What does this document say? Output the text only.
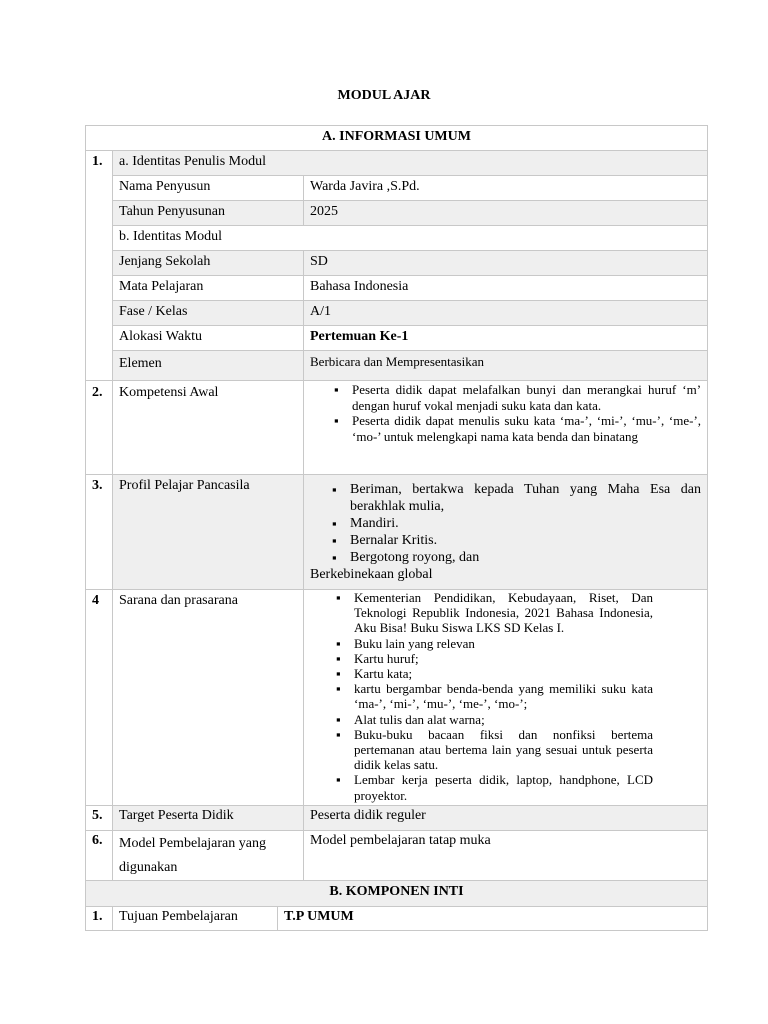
MODUL AJAR
A. INFORMASI UMUM
1.	a. Identitas Penulis Modul
Nama Penyusun	Warda Javira ,S.Pd.
Tahun Penyusunan	2025
b. Identitas Modul
Jenjang Sekolah	SD
Mata Pelajaran	Bahasa Indonesia
Fase / Kelas	A/1
Alokasi Waktu	Pertemuan Ke-1
Elemen	Berbicara dan Mempresentasikan
2.	Kompetensi Awal	
▪Peserta didik dapat melafalkan bunyi dan merangkai huruf ‘m’ dengan huruf vokal menjadi suku kata dan kata.
▪ Peserta didik dapat menulis suku kata ‘ma-’, ‘mi-’, ‘mu-’, ‘me-’, ‘mo-’ untuk melengkapi nama kata benda dan binatang

3.	Profil Pelajar Pancasila	
▪Beriman, bertakwa kepada Tuhan yang Maha Esa dan berakhlak mulia,
▪ Mandiri.
▪ Bernalar Kritis.
▪ Bergotong royong, dan
Berkebinekaan global

4	Sarana dan prasarana	
▪Kementerian Pendidikan, Kebudayaan, Riset, Dan Teknologi Republik Indonesia, 2021 Bahasa Indonesia, Aku Bisa! Buku Siswa LKS SD Kelas I.
▪ Buku lain yang relevan
▪ Kartu huruf;
▪ Kartu kata;
▪ kartu bergambar benda-benda yang memiliki suku kata ‘ma-’, ‘mi-’, ‘mu-’, ‘me-’, ‘mo-’;
▪ Alat tulis dan alat warna;
▪ Buku-buku bacaan fiksi dan nonfiksi bertema pertemanan atau bertema lain yang sesuai untuk peserta didik kelas satu.
▪ Lembar kerja peserta didik, laptop, handphone, LCD proyektor.

5.	Target Peserta Didik	Peserta didik reguler
6.	Model Pembelajaran yang digunakan	Model pembelajaran tatap muka
B. KOMPONEN INTI
1.	Tujuan Pembelajaran	T.P UMUM
